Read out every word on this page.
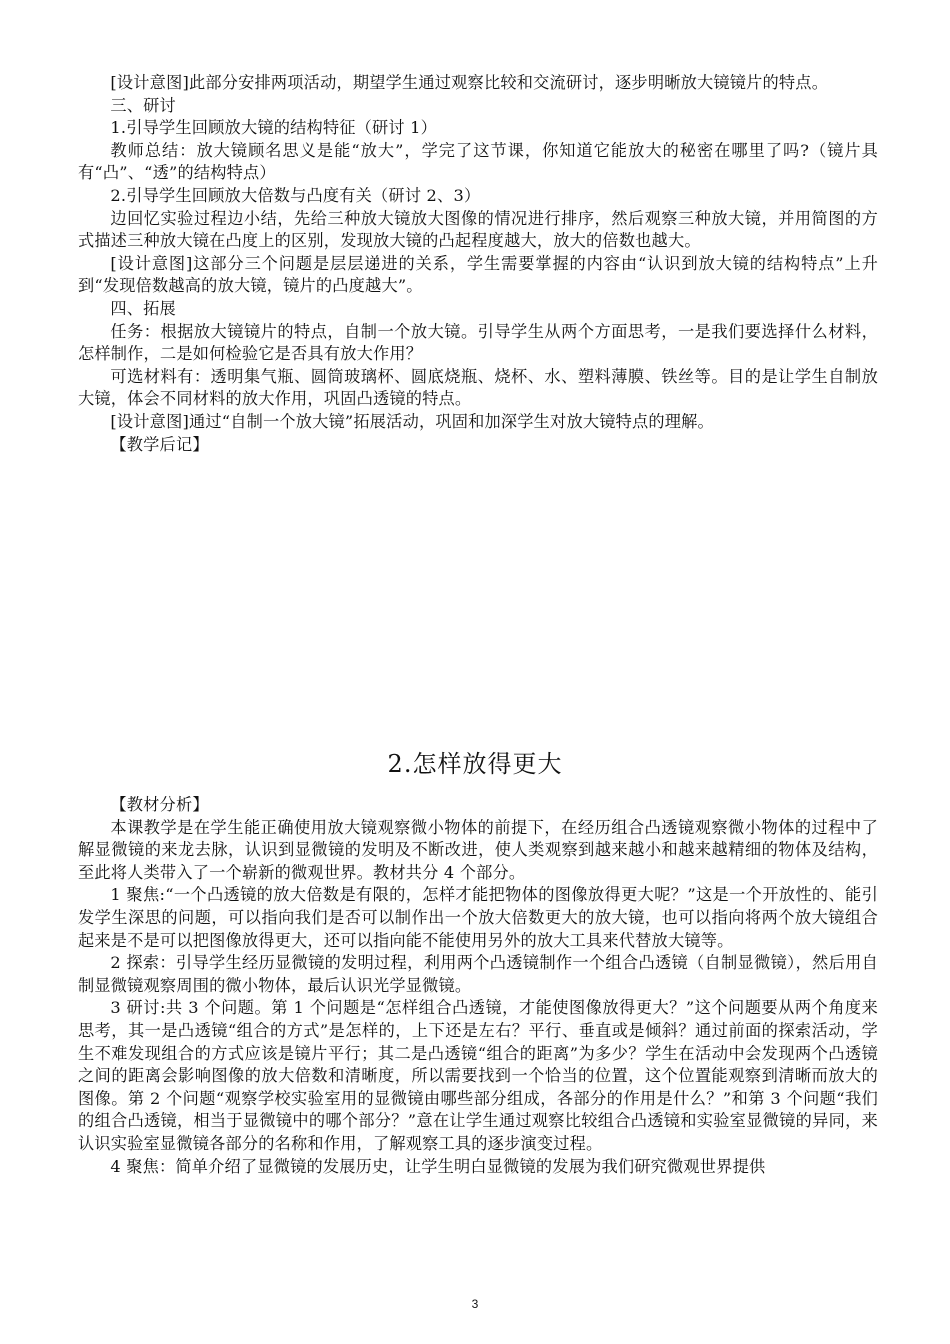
[设计意图]此部分安排两项活动，期望学生通过观察比较和交流研讨，逐步明晰放大镜镜片的特点。

三、研讨

1.引导学生回顾放大镜的结构特征（研讨 1）

教师总结：放大镜顾名思义是能“放大”，学完了这节课，你知道它能放大的秘密在哪里了吗?（镜片具有“凸”、“透”的结构特点）

2.引导学生回顾放大倍数与凸度有关（研讨 2、3）

边回忆实验过程边小结，先给三种放大镜放大图像的情况进行排序，然后观察三种放大镜，并用简图的方式描述三种放大镜在凸度上的区别，发现放大镜的凸起程度越大，放大的倍数也越大。

[设计意图]这部分三个问题是层层递进的关系，学生需要掌握的内容由“认识到放大镜的结构特点”上升到“发现倍数越高的放大镜，镜片的凸度越大”。

四、拓展

任务：根据放大镜镜片的特点，自制一个放大镜。引导学生从两个方面思考，一是我们要选择什么材料，怎样制作，二是如何检验它是否具有放大作用？

可选材料有：透明集气瓶、圆筒玻璃杯、圆底烧瓶、烧杯、水、塑料薄膜、铁丝等。目的是让学生自制放大镜，体会不同材料的放大作用，巩固凸透镜的特点。

[设计意图]通过“自制一个放大镜”拓展活动，巩固和加深学生对放大镜特点的理解。

【教学后记】

2.怎样放得更大

【教材分析】

本课教学是在学生能正确使用放大镜观察微小物体的前提下，在经历组合凸透镜观察微小物体的过程中了解显微镜的来龙去脉，认识到显微镜的发明及不断改进，使人类观察到越来越小和越来越精细的物体及结构，至此将人类带入了一个崭新的微观世界。教材共分 4 个部分。

1 聚焦:“一个凸透镜的放大倍数是有限的，怎样才能把物体的图像放得更大呢？”这是一个开放性的、能引发学生深思的问题，可以指向我们是否可以制作出一个放大倍数更大的放大镜，也可以指向将两个放大镜组合起来是不是可以把图像放得更大，还可以指向能不能使用另外的放大工具来代替放大镜等。

2 探索：引导学生经历显微镜的发明过程，利用两个凸透镜制作一个组合凸透镜（自制显微镜），然后用自制显微镜观察周围的微小物体，最后认识光学显微镜。

3 研讨:共 3 个问题。第 1 个问题是“怎样组合凸透镜，才能使图像放得更大？”这个问题要从两个角度来思考，其一是凸透镜“组合的方式”是怎样的，上下还是左右？平行、垂直或是倾斜？通过前面的探索活动，学生不难发现组合的方式应该是镜片平行；其二是凸透镜“组合的距离”为多少？学生在活动中会发现两个凸透镜之间的距离会影响图像的放大倍数和清晰度，所以需要找到一个恰当的位置，这个位置能观察到清晰而放大的图像。第 2 个问题“观察学校实验室用的显微镜由哪些部分组成，各部分的作用是什么？”和第 3 个问题“我们的组合凸透镜，相当于显微镜中的哪个部分？”意在让学生通过观察比较组合凸透镜和实验室显微镜的异同，来认识实验室显微镜各部分的名称和作用，了解观察工具的逐步演变过程。

4 聚焦：简单介绍了显微镜的发展历史，让学生明白显微镜的发展为我们研究微观世界提供

3
